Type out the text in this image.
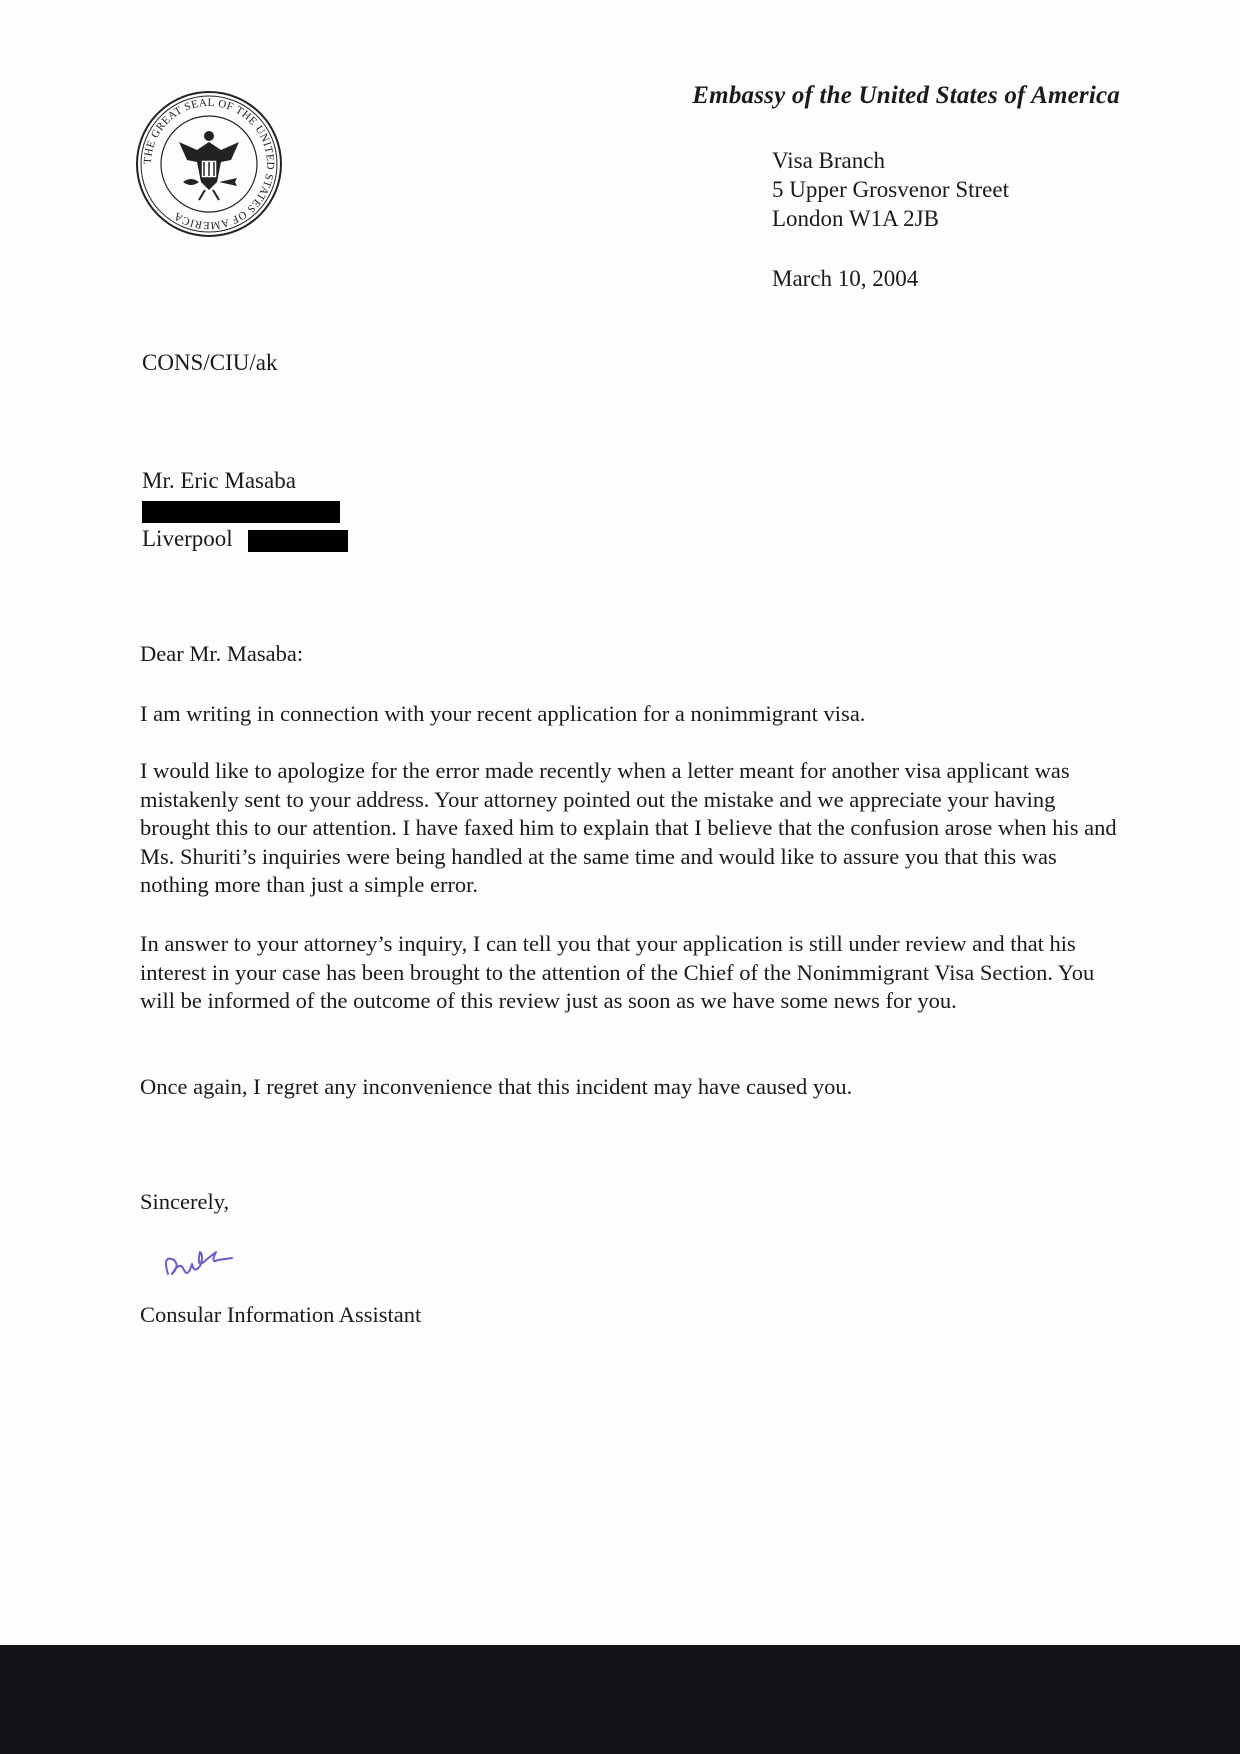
THE GREAT SEAL OF THE UNITED STATES OF AMERICA
Embassy of the United States of America
Visa Branch
5 Upper Grosvenor Street
London W1A 2JB
March 10, 2004
CONS/CIU/ak
Mr. Eric Masaba
Liverpool
Dear Mr. Masaba:

I am writing in connection with your recent application for a nonimmigrant visa.

I would like to apologize for the error made recently when a letter meant for another visa applicant was mistakenly sent to your address. Your attorney pointed out the mistake and we appreciate your having brought this to our attention. I have faxed him to explain that I believe that the confusion arose when his and Ms. Shuriti’s inquiries were being handled at the same time and would like to assure you that this was nothing more than just a simple error.

In answer to your attorney’s inquiry, I can tell you that your application is still under review and that his interest in your case has been brought to the attention of the Chief of the Nonimmigrant Visa Section. You will be informed of the outcome of this review just as soon as we have some news for you.

Once again, I regret any inconvenience that this incident may have caused you.

Sincerely,
Consular Information Assistant
